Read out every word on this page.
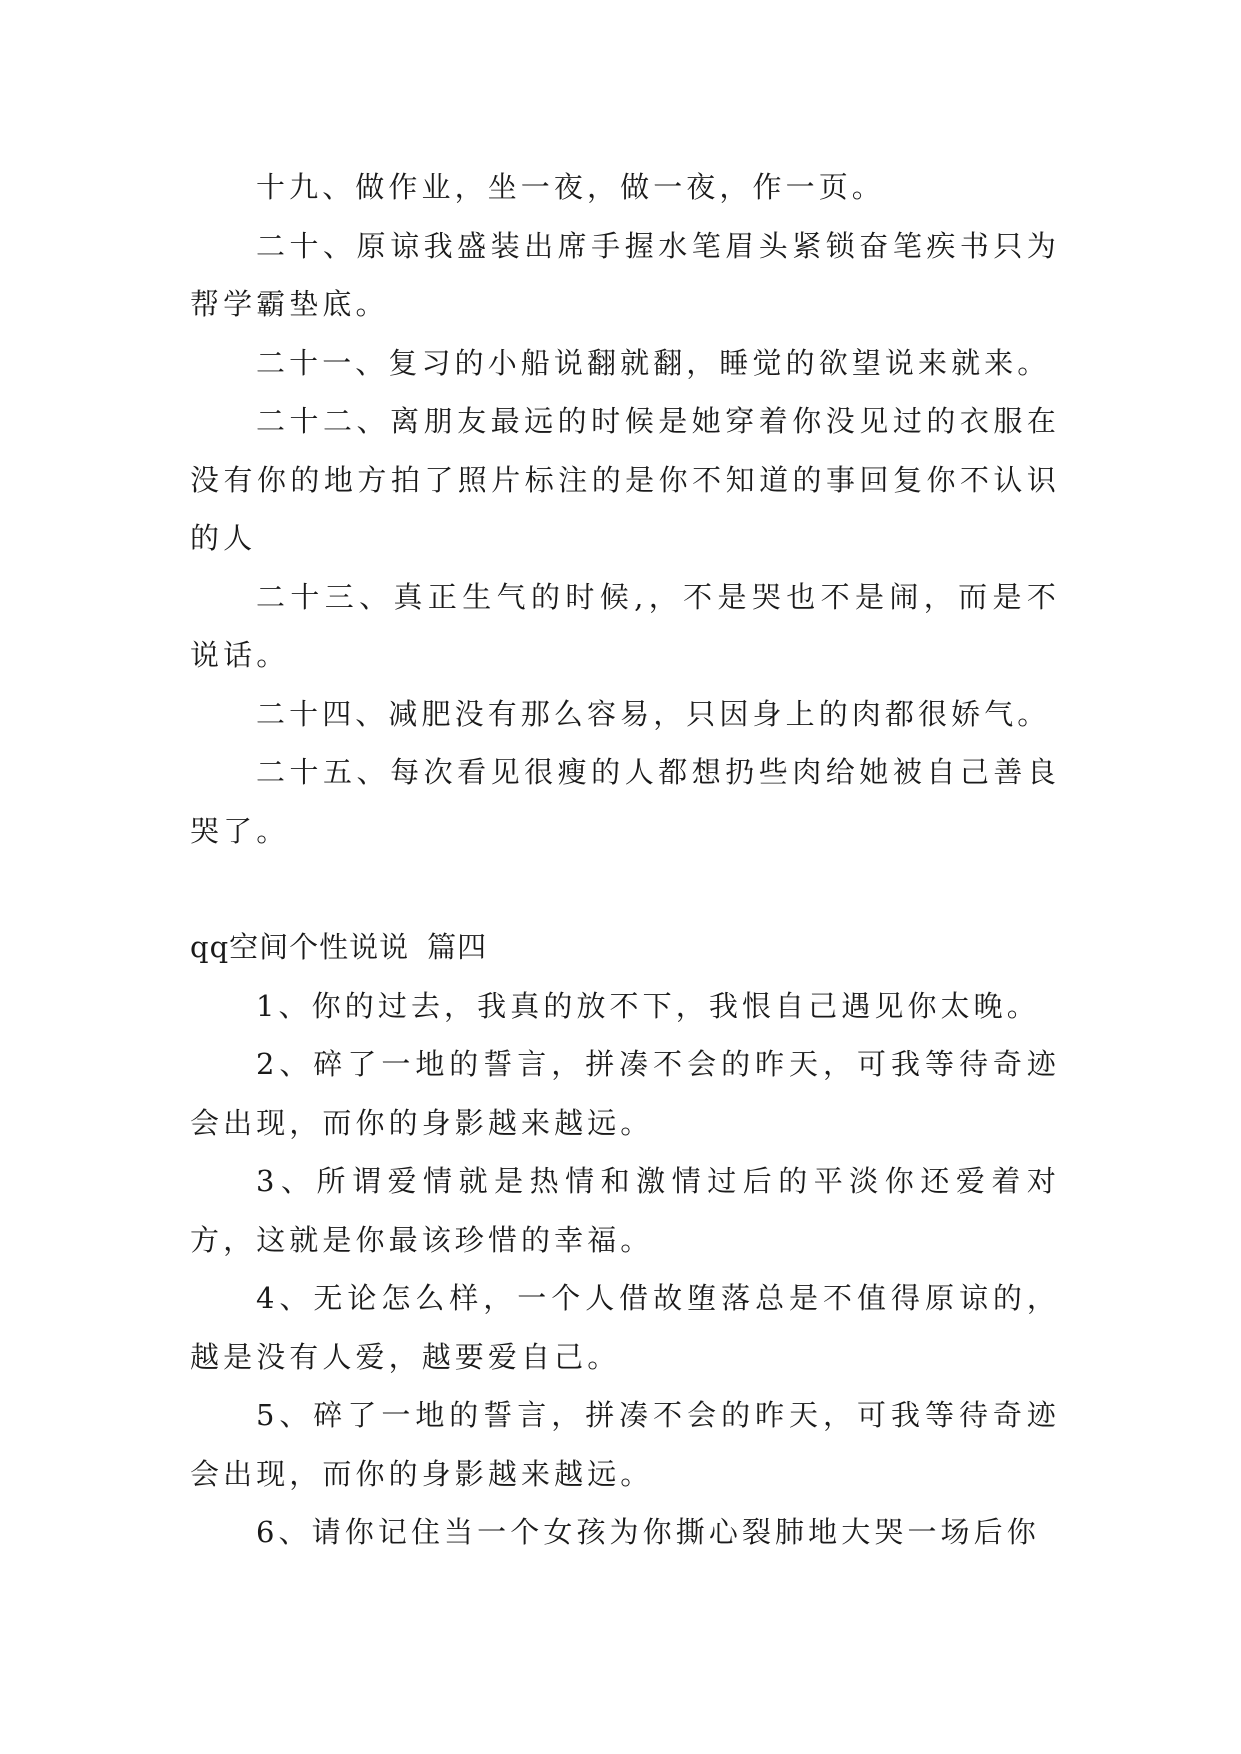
十九、做作业，坐一夜，做一夜，作一页。

二十、原谅我盛装出席手握水笔眉头紧锁奋笔疾书只为帮学霸垫底。

二十一、复习的小船说翻就翻，睡觉的欲望说来就来。

二十二、离朋友最远的时候是她穿着你没见过的衣服在没有你的地方拍了照片标注的是你不知道的事回复你不认识的人

二十三、真正生气的时候,，不是哭也不是闹，而是不说话。

二十四、减肥没有那么容易，只因身上的肉都很娇气。

二十五、每次看见很瘦的人都想扔些肉给她被自己善良哭了。

qq空间个性说说 篇四

1、你的过去，我真的放不下，我恨自己遇见你太晚。

2、碎了一地的誓言，拼凑不会的昨天，可我等待奇迹会出现，而你的身影越来越远。

3、所谓爱情就是热情和激情过后的平淡你还爱着对方，这就是你最该珍惜的幸福。

4、无论怎么样，一个人借故堕落总是不值得原谅的，越是没有人爱，越要爱自己。

5、碎了一地的誓言，拼凑不会的昨天，可我等待奇迹会出现，而你的身影越来越远。

6、请你记住当一个女孩为你撕心裂肺地大哭一场后你
